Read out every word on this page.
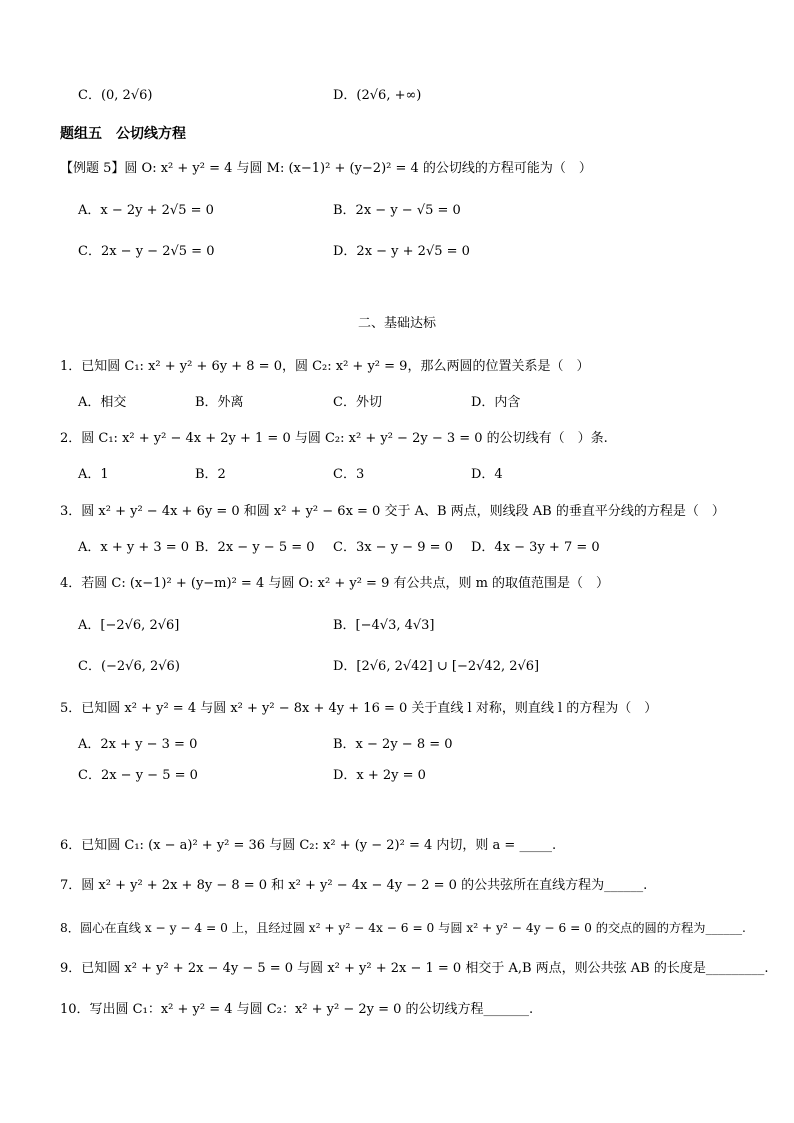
C．(0, 2√6)	D．(2√6, +∞)
题组五　公切线方程
【例题 5】圆 O: x² + y² = 4 与圆 M: (x−1)² + (y−2)² = 4 的公切线的方程可能为（　）
A．x − 2y + 2√5 = 0	B．2x − y − √5 = 0
C．2x − y − 2√5 = 0	D．2x − y + 2√5 = 0
二、基础达标
1．已知圆 C₁: x² + y² + 6y + 8 = 0，圆 C₂: x² + y² = 9，那么两圆的位置关系是（　）
A．相交	B．外离	C．外切	D．内含
2．圆 C₁: x² + y² − 4x + 2y + 1 = 0 与圆 C₂: x² + y² − 2y − 3 = 0 的公切线有（　）条.
A．1	B．2	C．3	D．4
3．圆 x² + y² − 4x + 6y = 0 和圆 x² + y² − 6x = 0 交于 A、B 两点，则线段 AB 的垂直平分线的方程是（　）
A．x + y + 3 = 0 B．2x − y − 5 = 0 C．3x − y − 9 = 0 D．4x − 3y + 7 = 0
4．若圆 C: (x−1)² + (y−m)² = 4 与圆 O: x² + y² = 9 有公共点，则 m 的取值范围是（　）
A．[−2√6, 2√6]	B．[−4√3, 4√3]
C．(−2√6, 2√6)	D．[2√6, 2√42] ∪ [−2√42, 2√6]
5．已知圆 x² + y² = 4 与圆 x² + y² − 8x + 4y + 16 = 0 关于直线 l 对称，则直线 l 的方程为（　）
A．2x + y − 3 = 0	B．x − 2y − 8 = 0
C．2x − y − 5 = 0	D．x + 2y = 0
6．已知圆 C₁: (x − a)² + y² = 36 与圆 C₂: x² + (y − 2)² = 4 内切，则 a = _____.
7．圆 x² + y² + 2x + 8y − 8 = 0 和 x² + y² − 4x − 4y − 2 = 0 的公共弦所在直线方程为______.
8．圆心在直线 x − y − 4 = 0 上，且经过圆 x² + y² − 4x − 6 = 0 与圆 x² + y² − 4y − 6 = 0 的交点的圆的方程为______.
9．已知圆 x² + y² + 2x − 4y − 5 = 0 与圆 x² + y² + 2x − 1 = 0 相交于 A,B 两点，则公共弦 AB 的长度是_________.
10．写出圆 C₁：x² + y² = 4 与圆 C₂：x² + y² − 2y = 0 的公切线方程_______.
